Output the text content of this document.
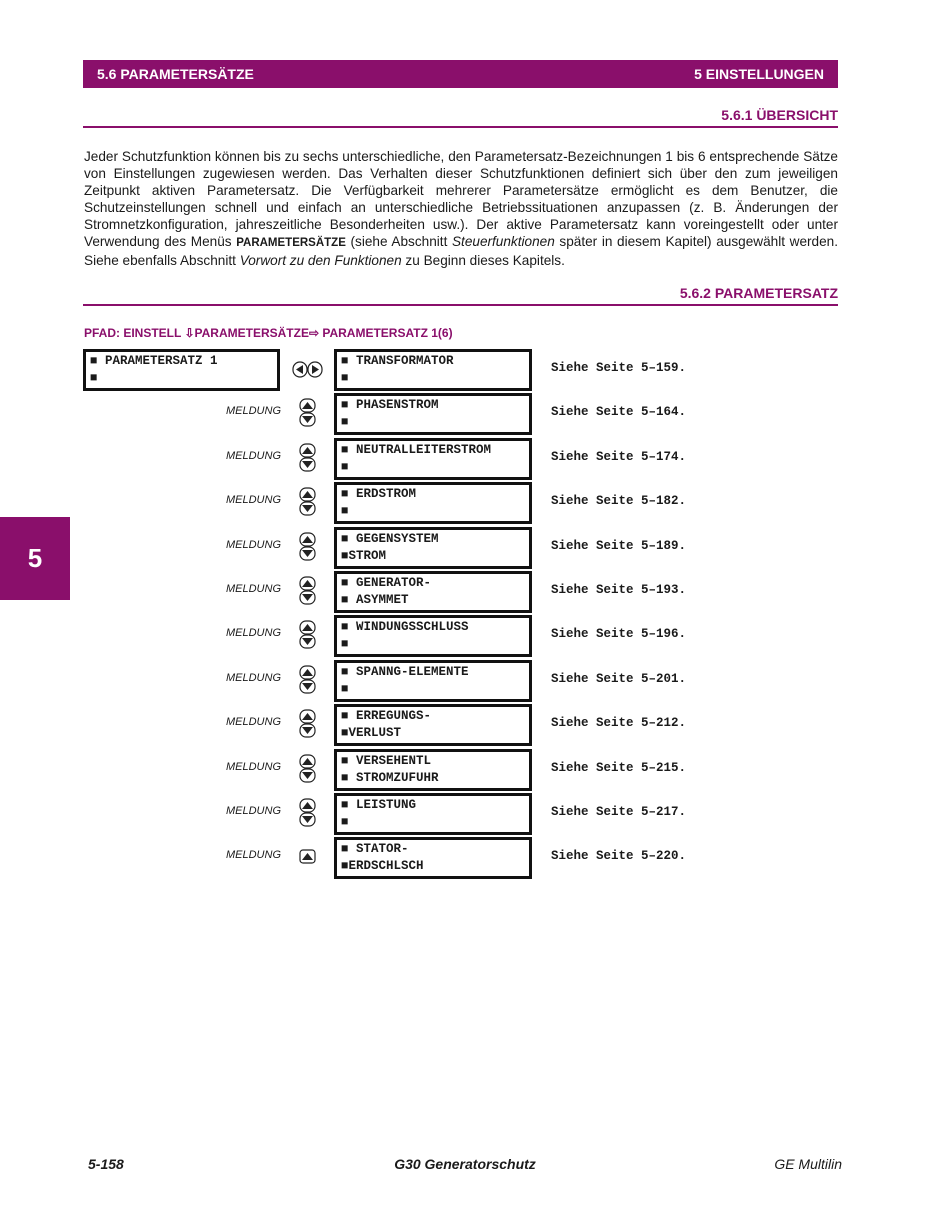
5.6 PARAMETERSÄTZE	5 EINSTELLUNGEN
5.6.1 ÜBERSICHT
Jeder Schutzfunktion können bis zu sechs unterschiedliche, den Parametersatz-Bezeichnungen 1 bis 6 entsprechende Sätze von Einstellungen zugewiesen werden. Das Verhalten dieser Schutzfunktionen definiert sich über den zum jeweiligen Zeitpunkt aktiven Parametersatz. Die Verfügbarkeit mehrerer Parametersätze ermöglicht es dem Benutzer, die Schutzeinstellungen schnell und einfach an unterschiedliche Betriebssituationen anzupassen (z. B. Änderungen der Stromnetzkonfiguration, jahreszeitliche Besonderheiten usw.). Der aktive Parametersatz kann voreingestellt oder unter Verwendung des Menüs PARAMETERSÄTZE (siehe Abschnitt Steuerfunktionen später in diesem Kapitel) ausgewählt werden. Siehe ebenfalls Abschnitt Vorwort zu den Funktionen zu Beginn dieses Kapitels.
5.6.2 PARAMETERSATZ
PFAD: EINSTELL ⇩PARAMETERSÄTZE⇨ PARAMETERSATZ 1(6)
5
■  PARAMETERSATZ 1
■
■	TRANSFORMATOR
■	Siehe Seite 5–159.
■  PHASENSTROM
■	Siehe Seite 5–164.
MELDUNG
■  NEUTRALLEITERSTROM
■	Siehe Seite 5–174.
MELDUNG
■  ERDSTROM
■	Siehe Seite 5–182.
MELDUNG
■  GEGENSYSTEM
■ STROM
Siehe Seite 5–189.
MELDUNG
■  GENERATOR-
■  ASYMMET
Siehe Seite 5–193.
MELDUNG
■  WINDUNGSSCHLUSS
■	Siehe Seite 5–196.
MELDUNG
■  SPANNG-ELEMENTE
■	Siehe Seite 5–201.
MELDUNG
■  ERREGUNGS-
■ VERLUST
Siehe Seite 5–212.
MELDUNG
■  VERSEHENTL
■  STROMZUFUHR
Siehe Seite 5–215.
MELDUNG
■  LEISTUNG
■	Siehe Seite 5–217.
MELDUNG
■  STATOR-
■ ERDSCHLSCH
Siehe Seite 5–220.
MELDUNG
5-158	G30 Generatorschutz	GE Multilin
